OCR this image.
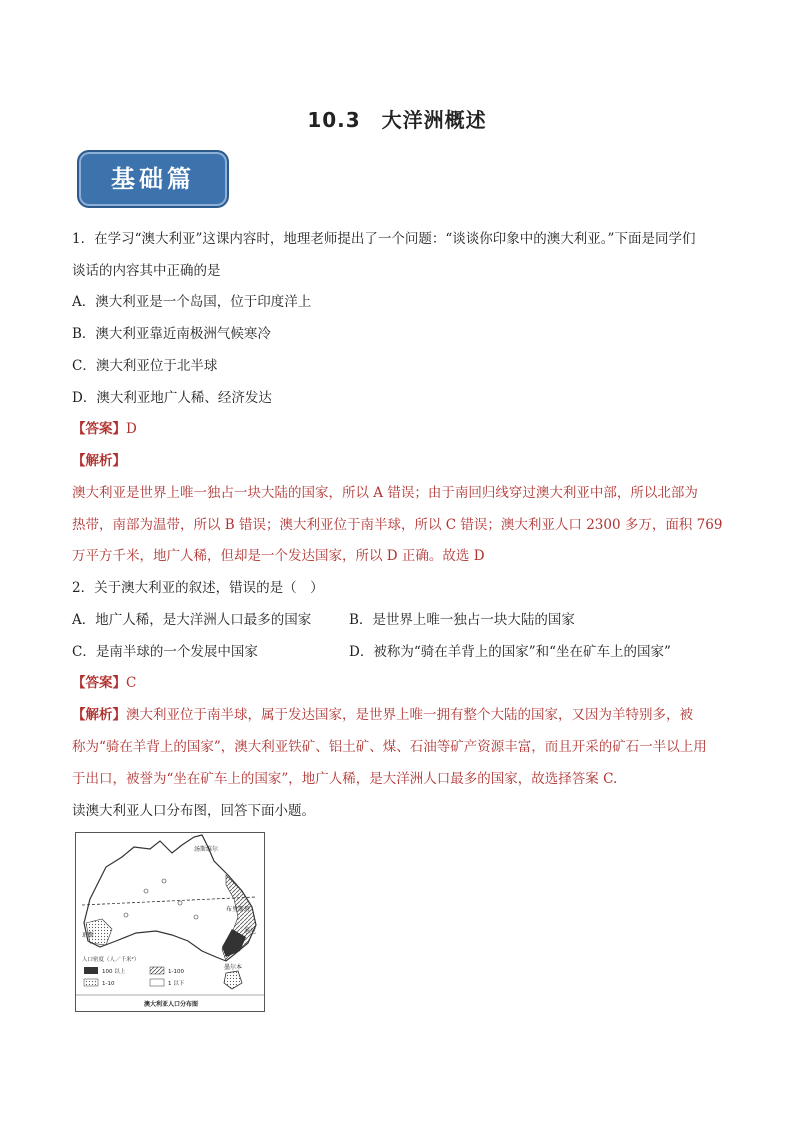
10.3　大洋洲概述
基础篇
1．在学习“澳大利亚”这课内容时，地理老师提出了一个问题：“谈谈你印象中的澳大利亚。”下面是同学们
谈话的内容其中正确的是
A．澳大利亚是一个岛国，位于印度洋上
B．澳大利亚靠近南极洲气候寒冷
C．澳大利亚位于北半球
D．澳大利亚地广人稀、经济发达
【答案】D
【解析】
澳大利亚是世界上唯一独占一块大陆的国家，所以 A 错误；由于南回归线穿过澳大利亚中部，所以北部为
热带，南部为温带，所以 B 错误；澳大利亚位于南半球，所以 C 错误；澳大利亚人口 2300 多万，面积 769
万平方千米，地广人稀，但却是一个发达国家，所以 D 正确。故选 D
2．关于澳大利亚的叙述，错误的是（　）
A．地广人稀，是大洋洲人口最多的国家	B．是世界上唯一独占一块大陆的国家
C．是南半球的一个发展中国家	D．被称为“骑在羊背上的国家”和“坐在矿车上的国家”
【答案】C
【解析】澳大利亚位于南半球，属于发达国家，是世界上唯一拥有整个大陆的国家，又因为羊特别多，被
称为“骑在羊背上的国家”，澳大利亚铁矿、铝土矿、煤、石油等矿产资源丰富，而且开采的矿石一半以上用
于出口，被誉为“坐在矿车上的国家”，地广人稀，是大洋洲人口最多的国家，故选择答案 C.
读澳大利亚人口分布图，回答下面小题。
汤斯维尔
布里斯班
悉尼
墨尔本
珀斯
人口密度（人／千米²）
100 以上	1-100
1-10	1 以下
澳大利亚人口分布图
